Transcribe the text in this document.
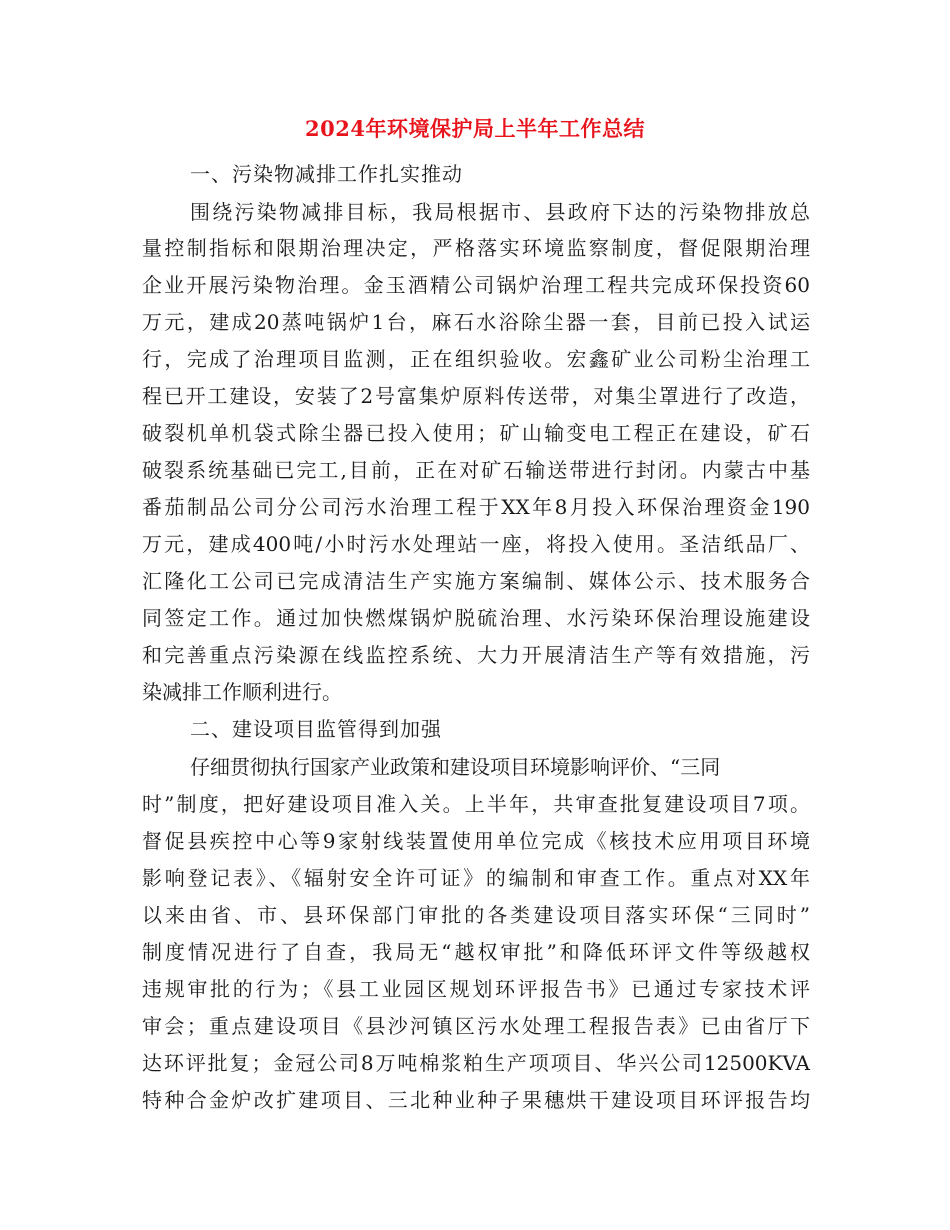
2024年环境保护局上半年工作总结
一、污染物减排工作扎实推动
围绕污染物减排目标，我局根据市、县政府下达的污染物排放总
量控制指标和限期治理决定，严格落实环境监察制度，督促限期治理
企业开展污染物治理。金玉酒精公司锅炉治理工程共完成环保投资60
万元，建成20蒸吨锅炉1台，麻石水浴除尘器一套，目前已投入试运
行，完成了治理项目监测，正在组织验收。宏鑫矿业公司粉尘治理工
程已开工建设，安装了2号富集炉原料传送带，对集尘罩进行了改造，
破裂机单机袋式除尘器已投入使用；矿山输变电工程正在建设，矿石
破裂系统基础已完工,目前，正在对矿石输送带进行封闭。内蒙古中基
番茄制品公司分公司污水治理工程于XX年8月投入环保治理资金190
万元，建成400吨/小时污水处理站一座，将投入使用。圣洁纸品厂、
汇隆化工公司已完成清洁生产实施方案编制、媒体公示、技术服务合
同签定工作。通过加快燃煤锅炉脱硫治理、水污染环保治理设施建设
和完善重点污染源在线监控系统、大力开展清洁生产等有效措施，污
染减排工作顺利进行。
二、建设项目监管得到加强
仔细贯彻执行国家产业政策和建设项目环境影响评价、“三同
时”制度，把好建设项目准入关。上半年，共审查批复建设项目7项。
督促县疾控中心等9家射线装置使用单位完成《核技术应用项目环境
影响登记表》、《辐射安全许可证》的编制和审查工作。重点对XX年
以来由省、市、县环保部门审批的各类建设项目落实环保“三同时”
制度情况进行了自查，我局无“越权审批”和降低环评文件等级越权
违规审批的行为；《县工业园区规划环评报告书》已通过专家技术评
审会；重点建设项目《县沙河镇区污水处理工程报告表》已由省厅下
达环评批复；金冠公司8万吨棉浆粕生产项项目、华兴公司12500KVA
特种合金炉改扩建项目、三北种业种子果穗烘干建设项目环评报告均
